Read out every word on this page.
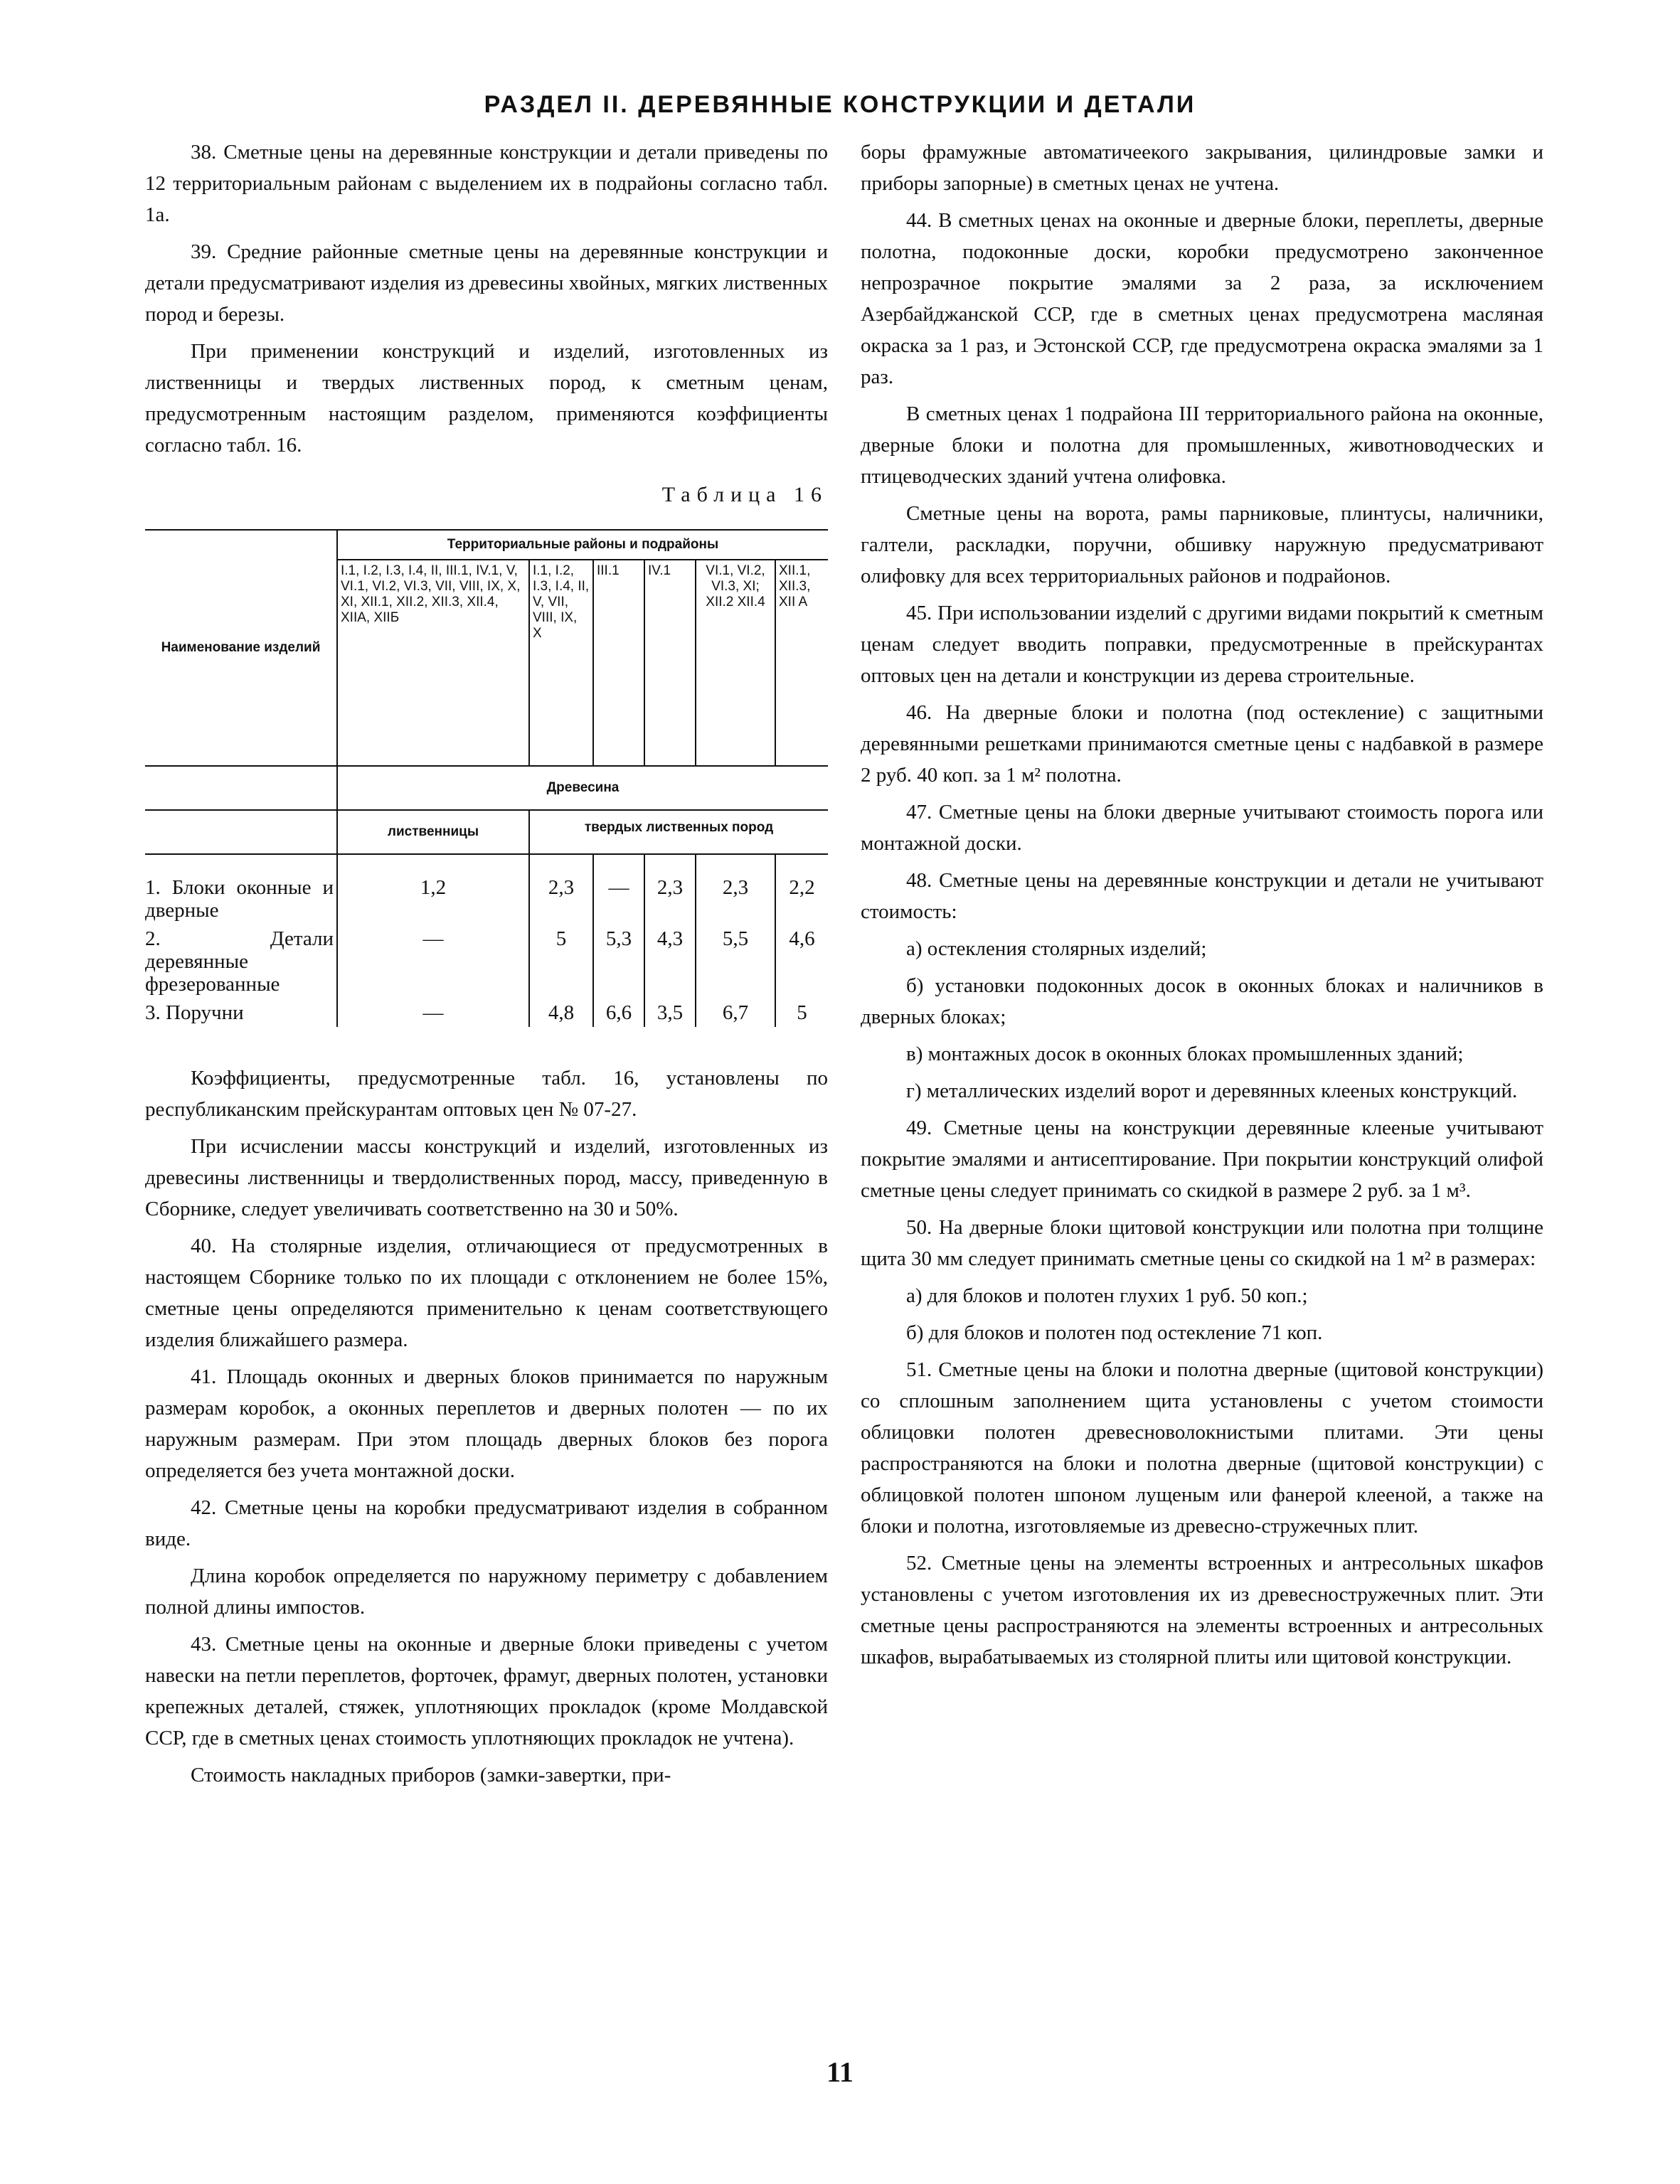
РАЗДЕЛ II. ДЕРЕВЯННЫЕ КОНСТРУКЦИИ И ДЕТАЛИ

38. Сметные цены на деревянные конструкции и детали приведены по 12 территориальным районам с выделением их в подрайоны согласно табл. 1а.

39. Средние районные сметные цены на деревянные конструкции и детали предусматривают изделия из древесины хвойных, мягких лиственных пород и березы.

При применении конструкций и изделий, изготовленных из лиственницы и твердых лиственных пород, к сметным ценам, предусмотренным настоящим разделом, применяются коэффициенты согласно табл. 16.

Таблица 16
Наименование изделий	Территориальные районы и подрайоны					
	I.1, I.2, I.3, I.4, II, III.1, IV.1, V, VI.1, VI.2, VI.3, VII, VIII, IX, X, XI, XII.1, XII.2, XII.3, XII.4, XIIA, XIIБ	I.1, I.2, I.3, I.4, II, V, VII, VIII, IX, X	III.1	IV.1	VI.1, VI.2, VI.3, XI; XII.2 XII.4	XII.1, XII.3, XII A
	Древесина					
	лиственницы	твердых лиственных пород				
1. Блоки оконные и дверные	1,2	2,3	—	2,3	2,3	2,2
2. Детали деревянные фрезерованные	—	5	5,3	4,3	5,5	4,6
3. Поручни	—	4,8	6,6	3,5	6,7	5

Коэффициенты, предусмотренные табл. 16, установлены по республиканским прейскурантам оптовых цен № 07-27.

При исчислении массы конструкций и изделий, изготовленных из древесины лиственницы и твердолиственных пород, массу, приведенную в Сборнике, следует увеличивать соответственно на 30 и 50%.

40. На столярные изделия, отличающиеся от предусмотренных в настоящем Сборнике только по их площади с отклонением не более 15%, сметные цены определяются применительно к ценам соответствующего изделия ближайшего размера.

41. Площадь оконных и дверных блоков принимается по наружным размерам коробок, а оконных переплетов и дверных полотен — по их наружным размерам. При этом площадь дверных блоков без порога определяется без учета монтажной доски.

42. Сметные цены на коробки предусматривают изделия в собранном виде.

Длина коробок определяется по наружному периметру с добавлением полной длины импостов.

43. Сметные цены на оконные и дверные блоки приведены с учетом навески на петли переплетов, форточек, фрамуг, дверных полотен, установки крепежных деталей, стяжек, уплотняющих прокладок (кроме Молдавской ССР, где в сметных ценах стоимость уплотняющих прокладок не учтена).

Стоимость накладных приборов (замки-завертки, при-

боры фрамужные автоматичеекого закрывания, цилиндровые замки и приборы запорные) в сметных ценах не учтена.

44. В сметных ценах на оконные и дверные блоки, переплеты, дверные полотна, подоконные доски, коробки предусмотрено законченное непрозрачное покрытие эмалями за 2 раза, за исключением Азербайджанской ССР, где в сметных ценах предусмотрена масляная окраска за 1 раз, и Эстонской ССР, где предусмотрена окраска эмалями за 1 раз.

В сметных ценах 1 подрайона III территориального района на оконные, дверные блоки и полотна для промышленных, животноводческих и птицеводческих зданий учтена олифовка.

Сметные цены на ворота, рамы парниковые, плинтусы, наличники, галтели, раскладки, поручни, обшивку наружную предусматривают олифовку для всех территориальных районов и подрайонов.

45. При использовании изделий с другими видами покрытий к сметным ценам следует вводить поправки, предусмотренные в прейскурантах оптовых цен на детали и конструкции из дерева строительные.

46. На дверные блоки и полотна (под остекление) с защитными деревянными решетками принимаются сметные цены с надбавкой в размере 2 руб. 40 коп. за 1 м² полотна.

47. Сметные цены на блоки дверные учитывают стоимость порога или монтажной доски.

48. Сметные цены на деревянные конструкции и детали не учитывают стоимость:

а) остекления столярных изделий;

б) установки подоконных досок в оконных блоках и наличников в дверных блоках;

в) монтажных досок в оконных блоках промышленных зданий;

г) металлических изделий ворот и деревянных клееных конструкций.

49. Сметные цены на конструкции деревянные клееные учитывают покрытие эмалями и антисептирование. При покрытии конструкций олифой сметные цены следует принимать со скидкой в размере 2 руб. за 1 м³.

50. На дверные блоки щитовой конструкции или полотна при толщине щита 30 мм следует принимать сметные цены со скидкой на 1 м² в размерах:

а) для блоков и полотен глухих 1 руб. 50 коп.;

б) для блоков и полотен под остекление 71 коп.

51. Сметные цены на блоки и полотна дверные (щитовой конструкции) со сплошным заполнением щита установлены с учетом стоимости облицовки полотен древесноволокнистыми плитами. Эти цены распространяются на блоки и полотна дверные (щитовой конструкции) с облицовкой полотен шпоном лущеным или фанерой клееной, а также на блоки и полотна, изготовляемые из древесно-стружечных плит.

52. Сметные цены на элементы встроенных и антресольных шкафов установлены с учетом изготовления их из древесностружечных плит. Эти сметные цены распространяются на элементы встроенных и антресольных шкафов, вырабатываемых из столярной плиты или щитовой конструкции.

11
